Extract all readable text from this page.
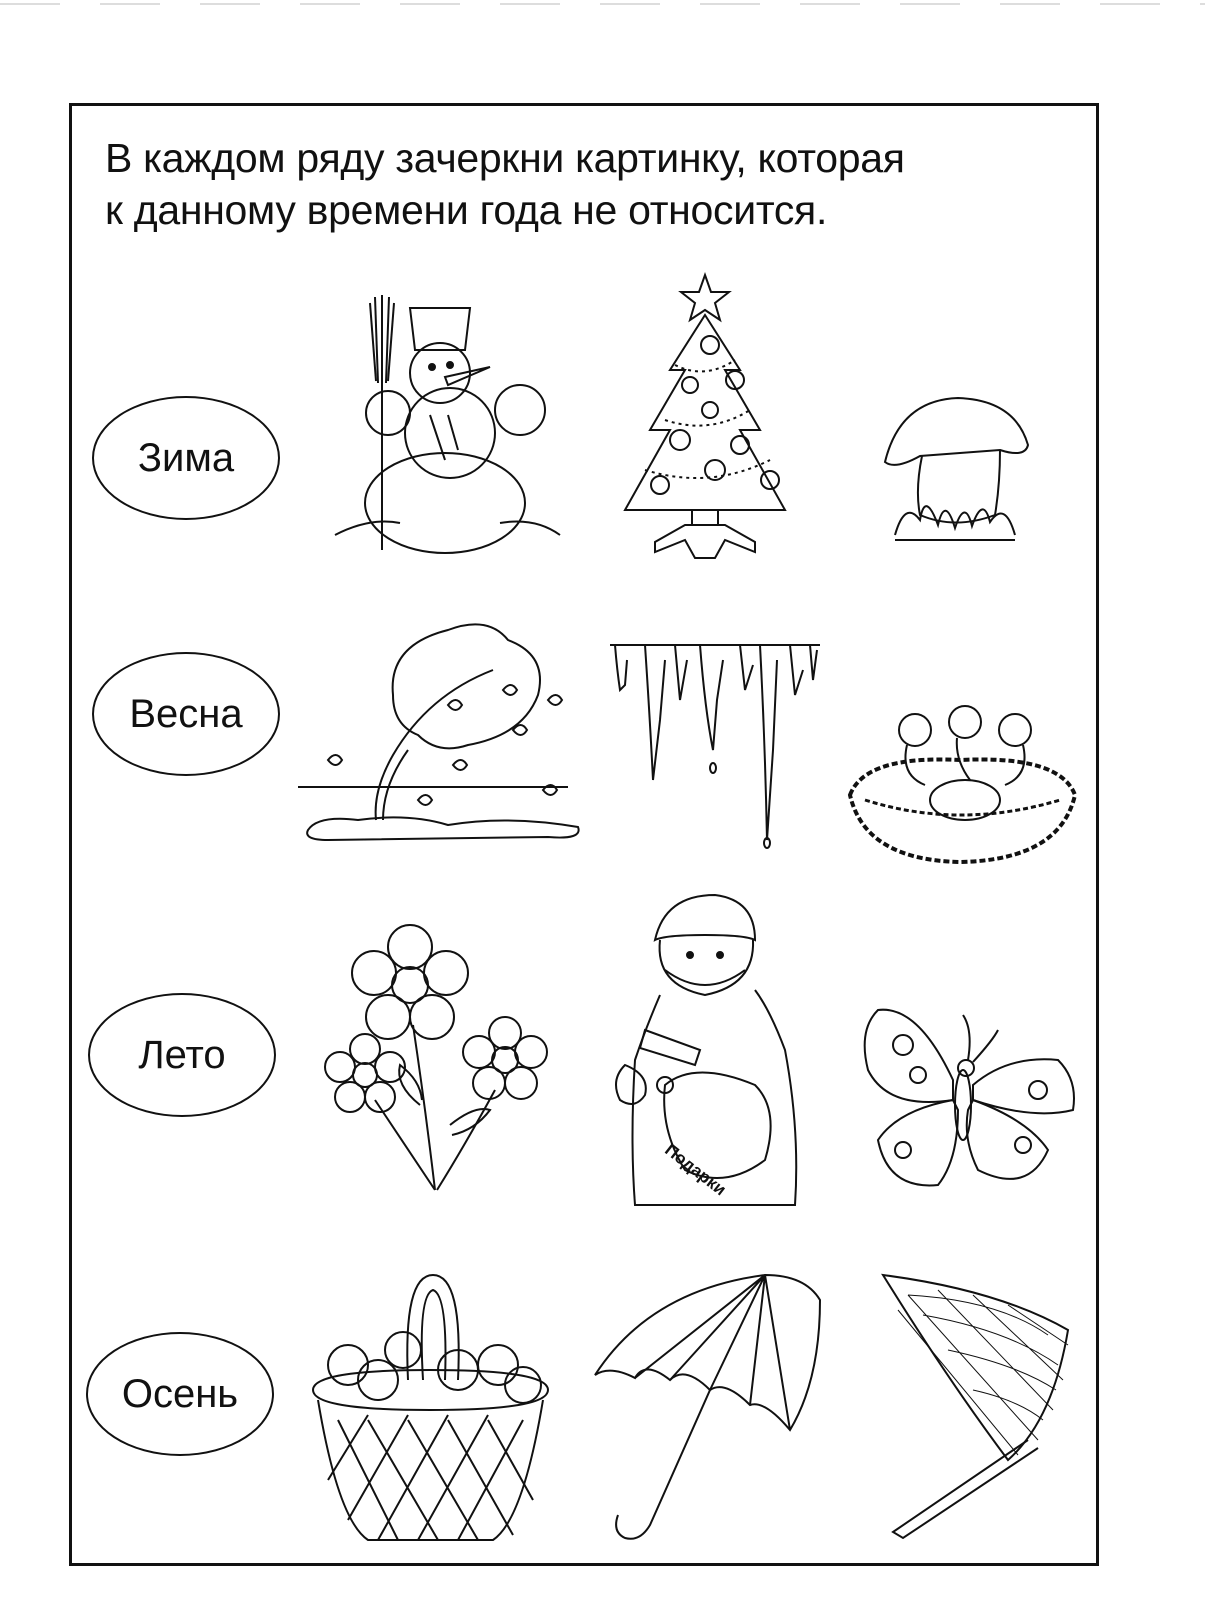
В каждом ряду зачеркни картинку, которая
к данному времени года не относится.
Зима
Весна
Лето
Подарки
Осень
